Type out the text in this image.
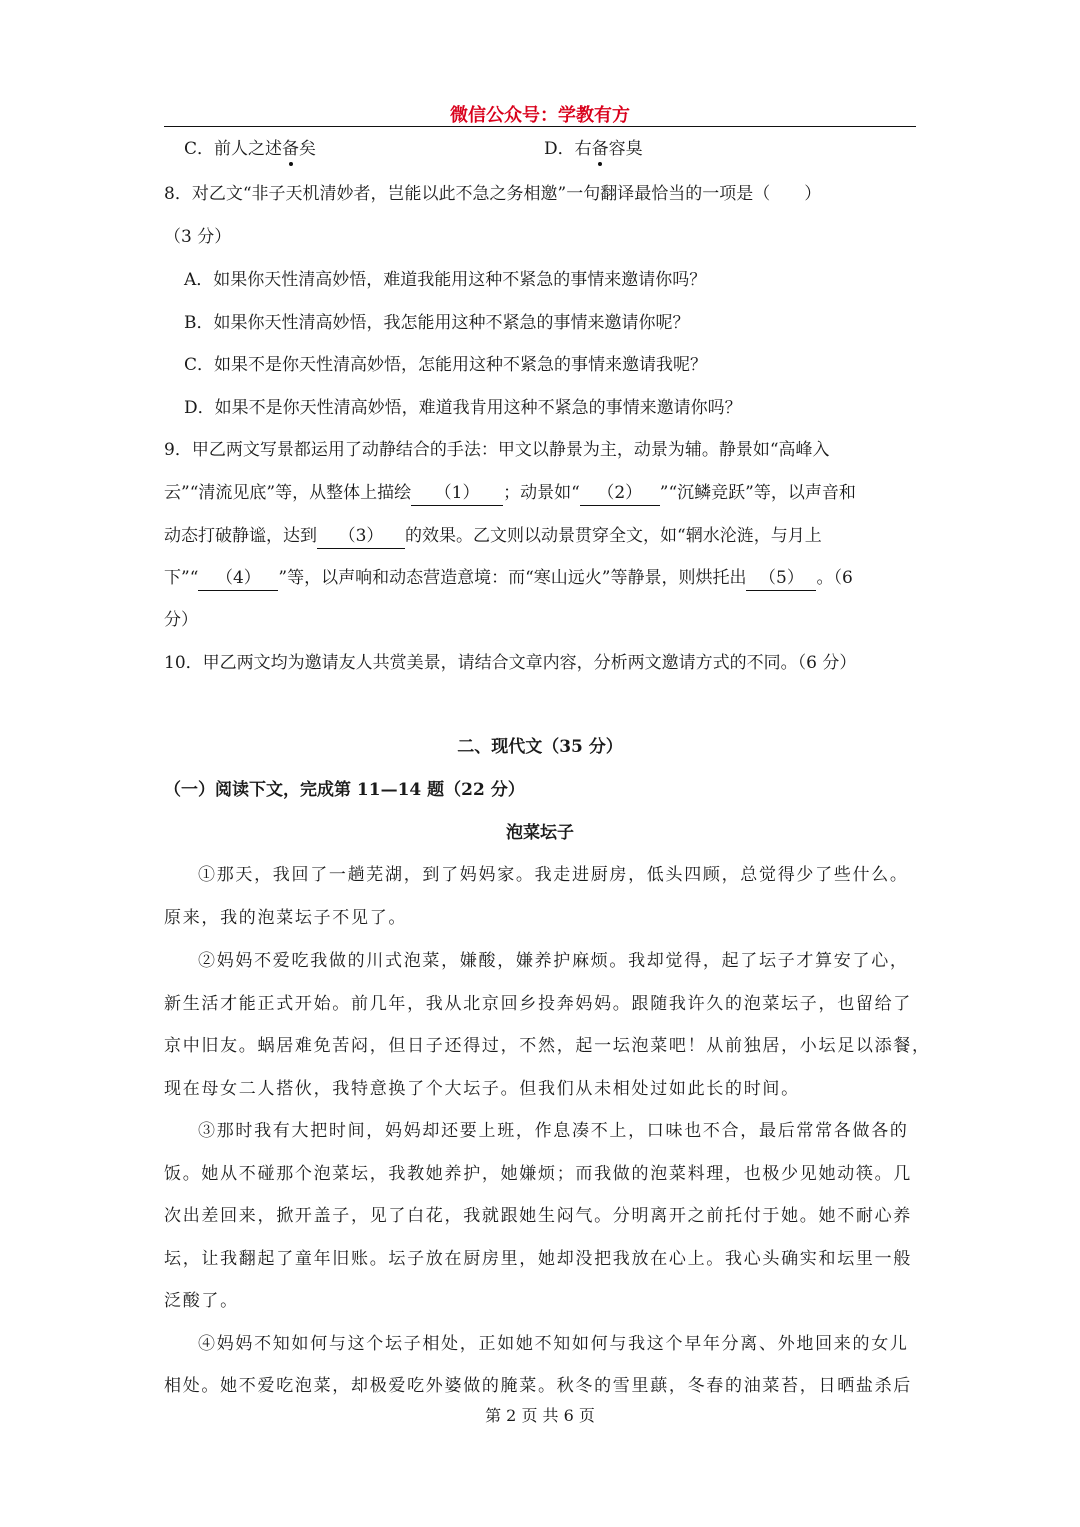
微信公众号：学教有方
C．前人之述备矣	D．右备容臭
8．对乙文“非子天机清妙者，岂能以此不急之务相邀”一句翻译最恰当的一项是（　　）
（3 分）
A．如果你天性清高妙悟，难道我能用这种不紧急的事情来邀请你吗？
B．如果你天性清高妙悟，我怎能用这种不紧急的事情来邀请你呢？
C．如果不是你天性清高妙悟，怎能用这种不紧急的事情来邀请我呢？
D．如果不是你天性清高妙悟，难道我肯用这种不紧急的事情来邀请你吗？
9．甲乙两文写景都运用了动静结合的手法：甲文以静景为主，动景为辅。静景如“高峰入
云”“清流见底”等，从整体上描绘 （1） ；动景如“ （2） ”“沉鳞竞跃”等，以声音和
动态打破静谧，达到 （3） 的效果。乙文则以动景贯穿全文，如“辋水沦涟，与月上
下”“ （4） ”等，以声响和动态营造意境：而“寒山远火”等静景，则烘托出 （5） 。（6
分）
10．甲乙两文均为邀请友人共赏美景，请结合文章内容，分析两文邀请方式的不同。（6 分）
二、现代文（35 分）
（一）阅读下文，完成第 11—14 题（22 分）
泡菜坛子
①那天，我回了一趟芜湖，到了妈妈家。我走进厨房，低头四顾，总觉得少了些什么。
原来，我的泡菜坛子不见了。
②妈妈不爱吃我做的川式泡菜，嫌酸，嫌养护麻烦。我却觉得，起了坛子才算安了心，
新生活才能正式开始。前几年，我从北京回乡投奔妈妈。跟随我许久的泡菜坛子，也留给了
京中旧友。蜗居难免苦闷，但日子还得过，不然，起一坛泡菜吧！从前独居，小坛足以添餐，
现在母女二人搭伙，我特意换了个大坛子。但我们从未相处过如此长的时间。
③那时我有大把时间，妈妈却还要上班，作息凑不上，口味也不合，最后常常各做各的
饭。她从不碰那个泡菜坛，我教她养护，她嫌烦；而我做的泡菜料理，也极少见她动筷。几
次出差回来，掀开盖子，见了白花，我就跟她生闷气。分明离开之前托付于她。她不耐心养
坛，让我翻起了童年旧账。坛子放在厨房里，她却没把我放在心上。我心头确实和坛里一般
泛酸了。
④妈妈不知如何与这个坛子相处，正如她不知如何与我这个早年分离、外地回来的女儿
相处。她不爱吃泡菜，却极爱吃外婆做的腌菜。秋冬的雪里蕻，冬春的油菜苔，日晒盐杀后
第 2 页 共 6 页
